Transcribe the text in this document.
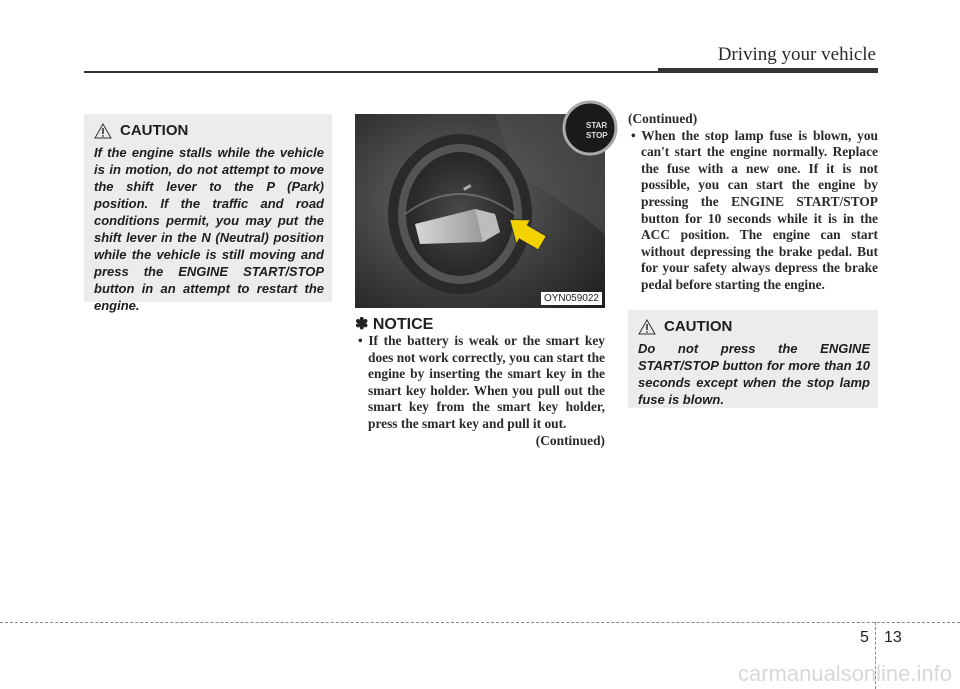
Driving your vehicle
CAUTION
If the engine stalls while the vehicle is in motion, do not attempt to move the shift lever to the P (Park) position. If the traffic and road conditions permit, you may put the shift lever in the N (Neutral) position while the vehicle is still moving and press the ENGINE START/STOP button in an attempt to restart the engine.
STAR
STOP
OYN059022
✽ NOTICE
• If the battery is weak or the smart key does not work correctly, you can start the engine by inserting the smart key in the smart key holder. When you pull out the smart key from the smart key holder, press the smart key and pull it out.
(Continued)
(Continued)
• When the stop lamp fuse is blown, you can't start the engine normally. Replace the fuse with a new one. If it is not possible, you can start the engine by pressing the ENGINE START/STOP button for 10 seconds while it is in the ACC position. The engine can start without depressing the brake pedal. But for your safety always depress the brake pedal before starting the engine.
CAUTION
Do not press the ENGINE START/STOP button for more than 10 seconds except when the stop lamp fuse is blown.
5 13
carmanualsonline.info
